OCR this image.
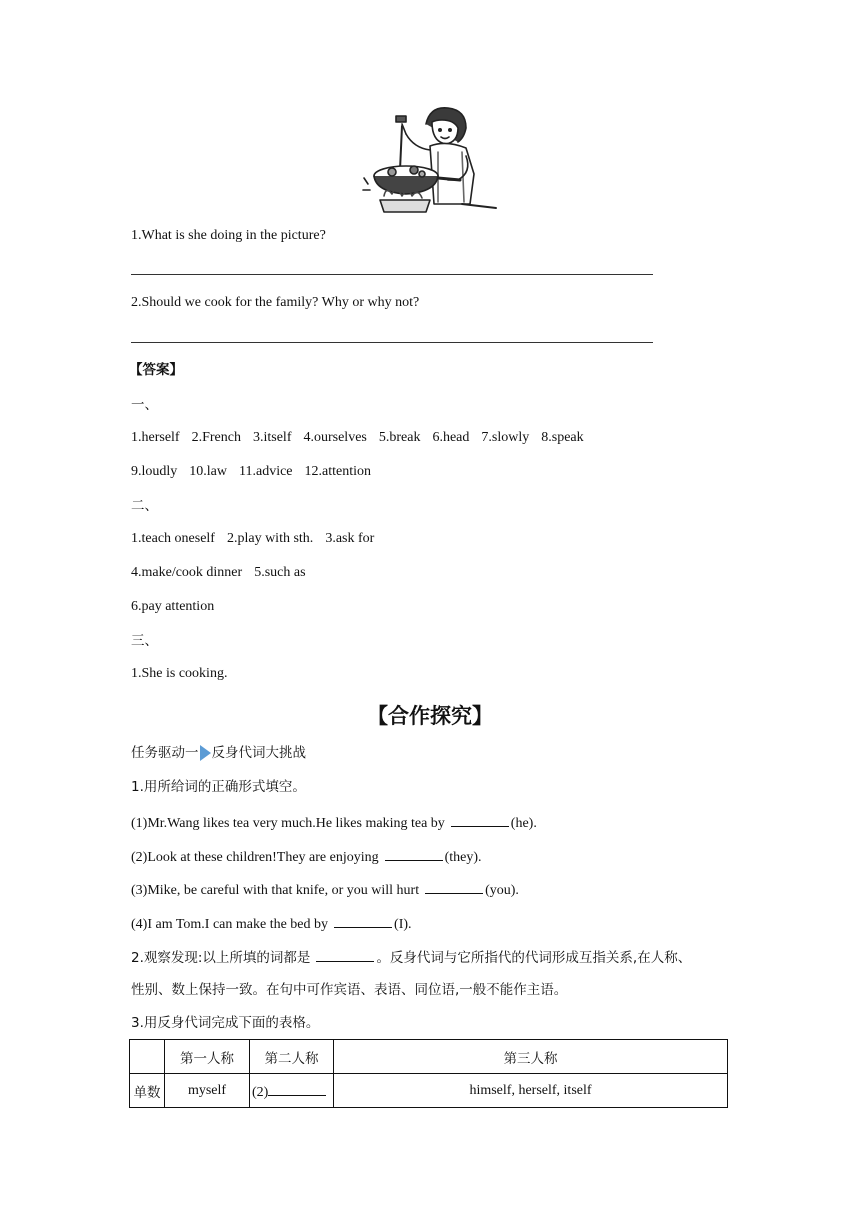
1.What is she doing in the picture?
2.Should we cook for the family? Why or why not?
【答案】
一、
1.herself 2.French 3.itself 4.ourselves 5.break 6.head 7.slowly 8.speak
9.loudly 10.law 11.advice 12.attention
二、
1.teach oneself 2.play with sth. 3.ask for
4.make/cook dinner 5.such as
6.pay attention
三、
1.She is cooking.
【合作探究】
任务驱动一 反身代词大挑战
1.用所给词的正确形式填空。
(1)Mr.Wang likes tea very much.He likes making tea by	(he).
(2)Look at these children!They are enjoying	(they).
(3)Mike, be careful with that knife, or you will hurt	(you).
(4)I am Tom.I can make the bed by	(I).
2.观察发现:以上所填的词都是	。反身代词与它所指代的代词形成互指关系,在人称、
性别、数上保持一致。在句中可作宾语、表语、同位语,一般不能作主语。
3.用反身代词完成下面的表格。
	第一人称	第二人称	第三人称
单数	myself	(2)	himself, herself, itself
